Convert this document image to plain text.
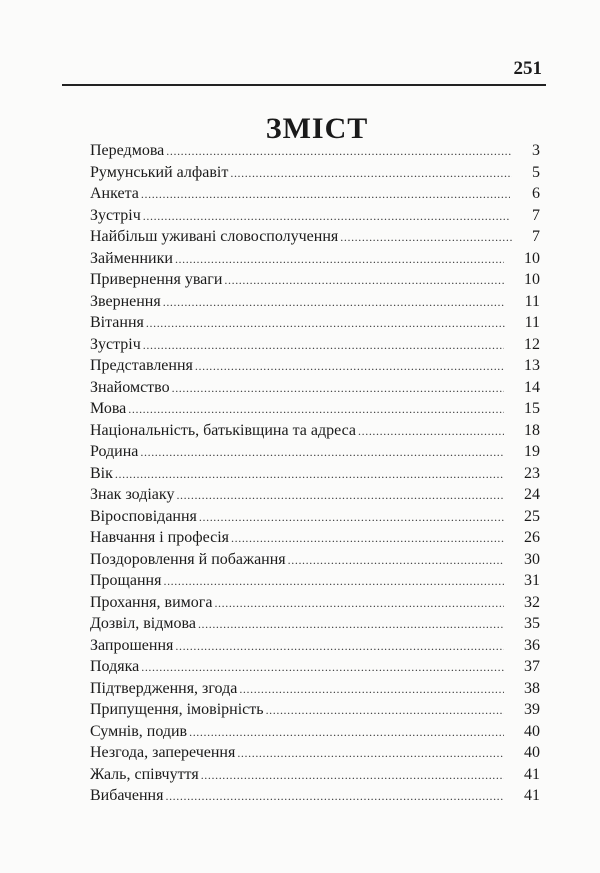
251
ЗМІСТ
Передмова .....	3
Румунський алфавіт .....	5
Анкета .....	6
Зустріч .....	7
Найбільш уживані словосполучення .....	7
Займенники .....	10
Привернення уваги .....	10
Звернення .....	11
Вітання .....	11
Зустріч .....	12
Представлення .....	13
Знайомство .....	14
Мова .....	15
Національність, батьківщина та адреса .....	18
Родина .....	19
Вік .....	23
Знак зодіаку .....	24
Віросповідання .....	25
Навчання і професія .....	26
Поздоровлення й побажання .....	30
Прощання .....	31
Прохання, вимога .....	32
Дозвіл, відмова .....	35
Запрошення .....	36
Подяка .....	37
Підтвердження, згода .....	38
Припущення, імовірність .....	39
Сумнів, подив .....	40
Незгода, заперечення .....	40
Жаль, співчуття .....	41
Вибачення .....	41
